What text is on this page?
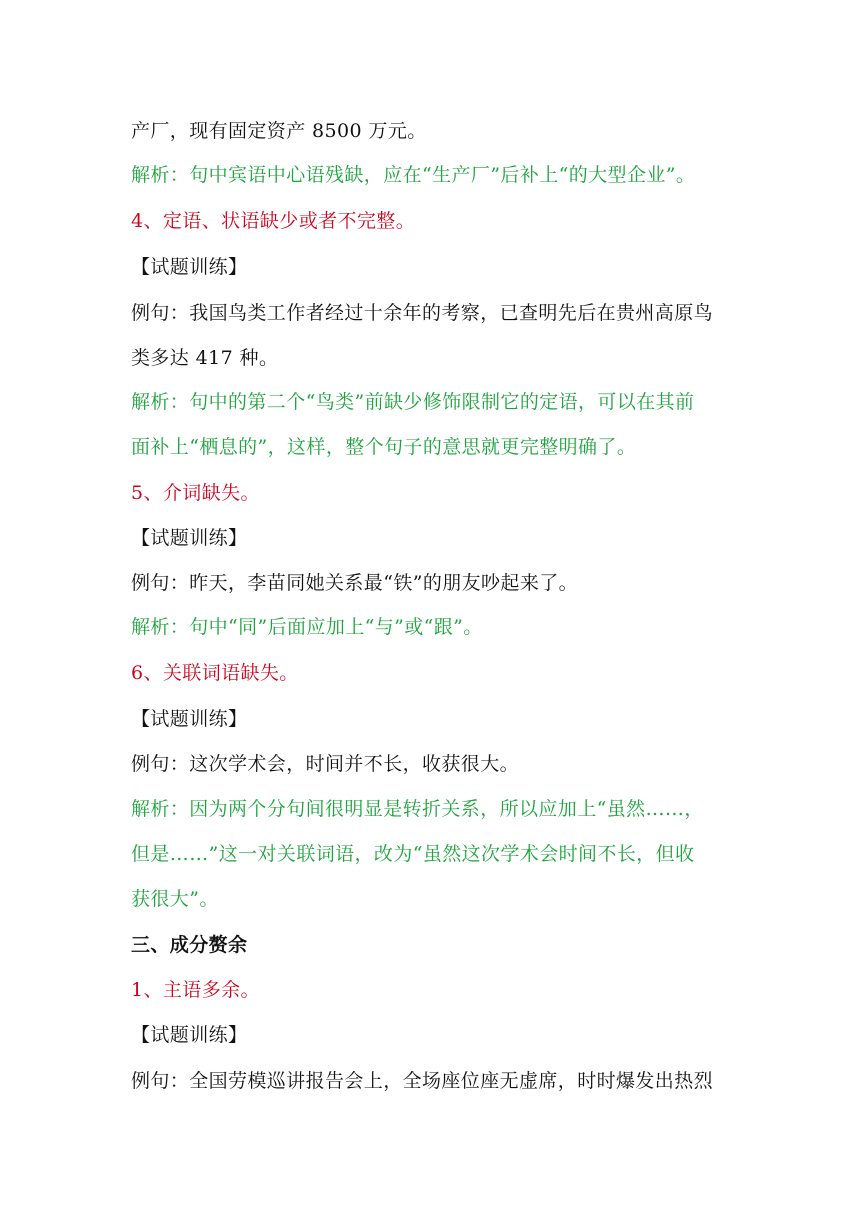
产厂，现有固定资产 8500 万元。
解析：句中宾语中心语残缺，应在“生产厂”后补上“的大型企业”。
4、定语、状语缺少或者不完整。
【试题训练】
例句：我国鸟类工作者经过十余年的考察，已查明先后在贵州高原鸟
类多达 417 种。
解析：句中的第二个“鸟类”前缺少修饰限制它的定语，可以在其前
面补上“栖息的”，这样，整个句子的意思就更完整明确了。
5、介词缺失。
【试题训练】
例句：昨天，李苗同她关系最“铁”的朋友吵起来了。
解析：句中“同”后面应加上“与”或“跟”。
6、关联词语缺失。
【试题训练】
例句：这次学术会，时间并不长，收获很大。
解析：因为两个分句间很明显是转折关系，所以应加上“虽然……，
但是……”这一对关联词语，改为“虽然这次学术会时间不长，但收
获很大”。
三、成分赘余
1、主语多余。
【试题训练】
例句：全国劳模巡讲报告会上，全场座位座无虚席，时时爆发出热烈
